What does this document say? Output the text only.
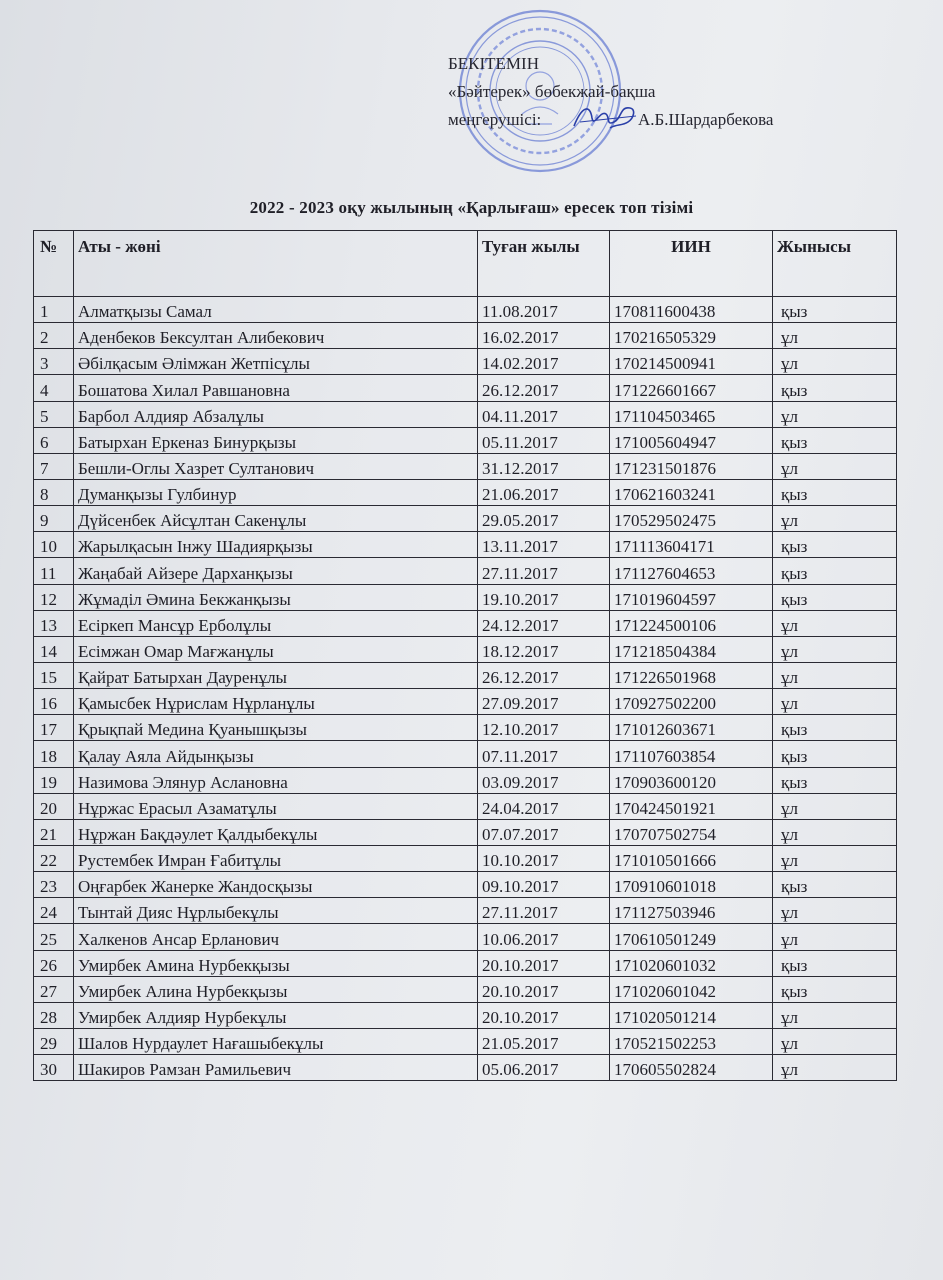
БЕКІТЕМІН
«Бәйтерек» бөбекжай-бақша
меңгерушісі:	А.Б.Шардарбекова
2022 - 2023 оқу жылының «Қарлығаш» ересек топ тізімі
№	Аты - жөні	Туған жылы	ИИН	Жынысы
1	Алматқызы Самал	11.08.2017	170811600438	қыз
2	Аденбеков Бексултан Алибекович	16.02.2017	170216505329	ұл
3	Әбілқасым Әлімжан Жетпісұлы	14.02.2017	170214500941	ұл
4	Бошатова Хилал Равшановна	26.12.2017	171226601667	қыз
5	Барбол Алдияр Абзалұлы	04.11.2017	171104503465	ұл
6	Батырхан Еркеназ Бинурқызы	05.11.2017	171005604947	қыз
7	Бешли-Оглы Хазрет Султанович	31.12.2017	171231501876	ұл
8	Думанқызы Гулбинур	21.06.2017	170621603241	қыз
9	Дүйсенбек Айсұлтан Сакенұлы	29.05.2017	170529502475	ұл
10	Жарылқасын Інжу Шадиярқызы	13.11.2017	171113604171	қыз
11	Жаңабай Айзере Дарханқызы	27.11.2017	171127604653	қыз
12	Жұмаділ Әмина Бекжанқызы	19.10.2017	171019604597	қыз
13	Есіркеп Мансұр Ерболұлы	24.12.2017	171224500106	ұл
14	Есімжан Омар Мағжанұлы	18.12.2017	171218504384	ұл
15	Қайрат Батырхан Дауренұлы	26.12.2017	171226501968	ұл
16	Қамысбек Нұрислам Нұрланұлы	27.09.2017	170927502200	ұл
17	Қрықпай Медина Қуанышқызы	12.10.2017	171012603671	қыз
18	Қалау Аяла Айдынқызы	07.11.2017	171107603854	қыз
19	Назимова Элянур Аслановна	03.09.2017	170903600120	қыз
20	Нұржас Ерасыл Азаматұлы	24.04.2017	170424501921	ұл
21	Нұржан Бақдәулет Қалдыбекұлы	07.07.2017	170707502754	ұл
22	Рустембек Имран Ғабитұлы	10.10.2017	171010501666	ұл
23	Оңғарбек Жанерке Жандосқызы	09.10.2017	170910601018	қыз
24	Тынтай Дияс Нұрлыбекұлы	27.11.2017	171127503946	ұл
25	Халкенов Ансар Ерланович	10.06.2017	170610501249	ұл
26	Умирбек Амина Нурбекқызы	20.10.2017	171020601032	қыз
27	Умирбек Алина Нурбекқызы	20.10.2017	171020601042	қыз
28	Умирбек Алдияр Нурбекұлы	20.10.2017	171020501214	ұл
29	Шалов Нурдаулет Нағашыбекұлы	21.05.2017	170521502253	ұл
30	Шакиров Рамзан Рамильевич	05.06.2017	170605502824	ұл
